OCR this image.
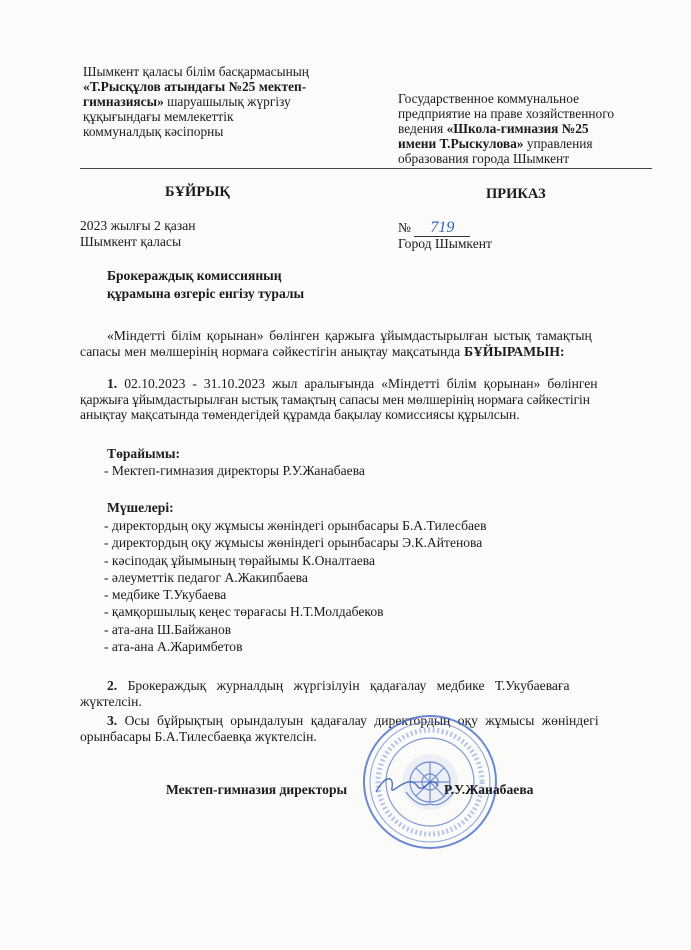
Шымкент қаласы білім басқармасының
«Т.Рысқұлов атындағы №25 мектеп-
гимназиясы» шаруашылық жүргізу
құқығындағы мемлекеттік
коммуналдық кәсіпорны
Государственное коммунальное
предприятие на праве хозяйственного
ведения «Школа-гимназия №25
имени Т.Рыскулова» управления
образования города Шымкент
БҰЙРЫҚ	ПРИКАЗ
2023 жылғы 2 қазан
Шымкент қаласы
№ 719
Город Шымкент
Брокераждық комиссияның
құрамына өзгеріс енгізу туралы
«Міндетті білім қорынан» бөлінген қаржыға ұйымдастырылған ыстық тамақтың
сапасы мен мөлшерінің нормаға сәйкестігін анықтау мақсатында БҰЙЫРАМЫН:
1. 02.10.2023 - 31.10.2023 жыл аралығында «Міндетті білім қорынан» бөлінген
қаржыға ұйымдастырылған ыстық тамақтың сапасы мен мөлшерінің нормаға сәйкестігін
анықтау мақсатында төмендегідей құрамда бақылау комиссиясы құрылсын.
Төрайымы:
- Мектеп-гимназия директоры Р.У.Жанабаева
Мүшелері:
- директордың оқу жұмысы жөніндегі орынбасары Б.А.Тилесбаев
- директордың оқу жұмысы жөніндегі орынбасары Э.К.Айтенова
- кәсіподақ ұйымының төрайымы К.Оналтаева
- әлеуметтік педагог А.Жакипбаева
- медбике Т.Укубаева
- қамқоршылық кеңес төрағасы Н.Т.Молдабеков
- ата-ана Ш.Байжанов
- ата-ана А.Жаримбетов
2. Брокераждық журналдың жүргізілуін қадағалау медбике Т.Укубаеваға
жүктелсін.
3. Осы бұйрықтың орындалуын қадағалау директордың оқу жұмысы жөніндегі
орынбасары Б.А.Тилесбаевқа жүктелсін.
Мектеп-гимназия директоры	Р.У.Жанабаева
